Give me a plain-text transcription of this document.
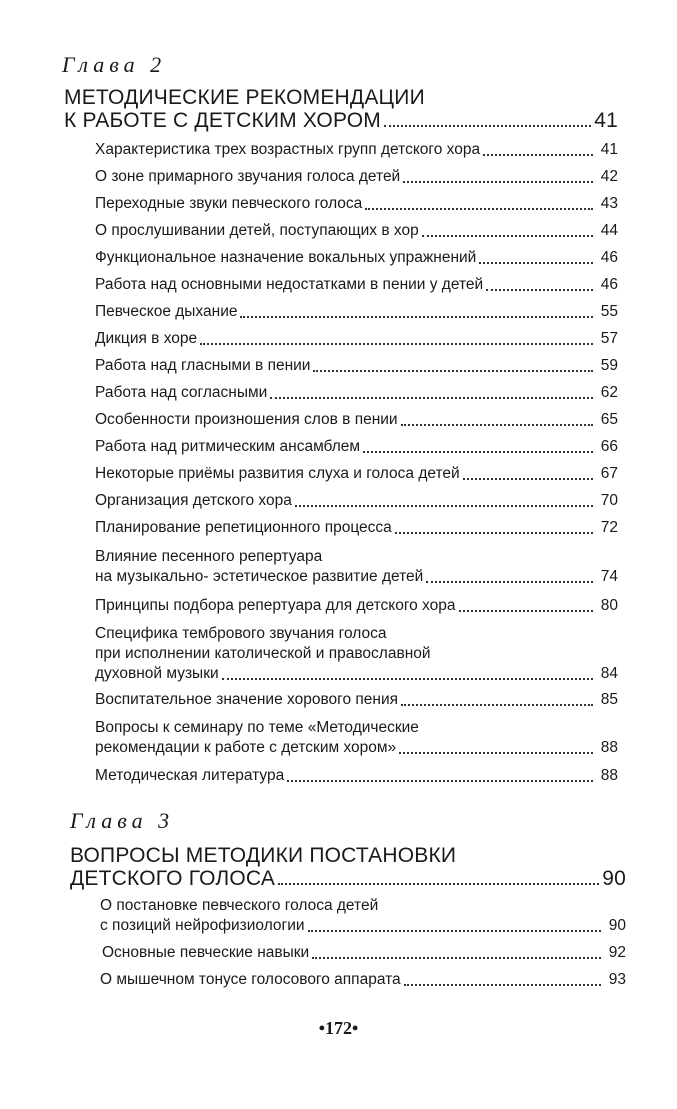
Глава 2
МЕТОДИЧЕСКИЕ РЕКОМЕНДАЦИИ
К РАБОТЕ С ДЕТСКИМ ХОРОМ	41
Характеристика трех возрастных групп детского хора	41
О зоне примарного звучания голоса детей	42
Переходные звуки певческого голоса	43
О прослушивании детей, поступающих в хор	44
Функциональное назначение вокальных упражнений	46
Работа над основными недостатками в пении у детей	46
Певческое дыхание	55
Дикция в хоре	57
Работа над гласными в пении	59
Работа над согласными	62
Особенности произношения слов в пении	65
Работа над ритмическим ансамблем	66
Некоторые приёмы развития слуха и голоса детей	67
Организация детского хора	70
Планирование репетиционного процесса	72
Влияние песенного репертуара
на музыкально- эстетическое развитие детей	74
Принципы подбора репертуара для детского хора	80
Специфика тембрового звучания голоса
при исполнении католической и православной
духовной музыки	84
Воспитательное значение хорового пения	85
Вопросы к семинару по теме «Методические
рекомендации к работе с детским хором»	88
Методическая литература	88
Глава 3
ВОПРОСЫ МЕТОДИКИ ПОСТАНОВКИ
ДЕТСКОГО ГОЛОСА	90
О постановке певческого голоса детей
с позиций нейрофизиологии	90
Основные певческие навыки	92
О мышечном тонусе голосового аппарата	93
•172•
